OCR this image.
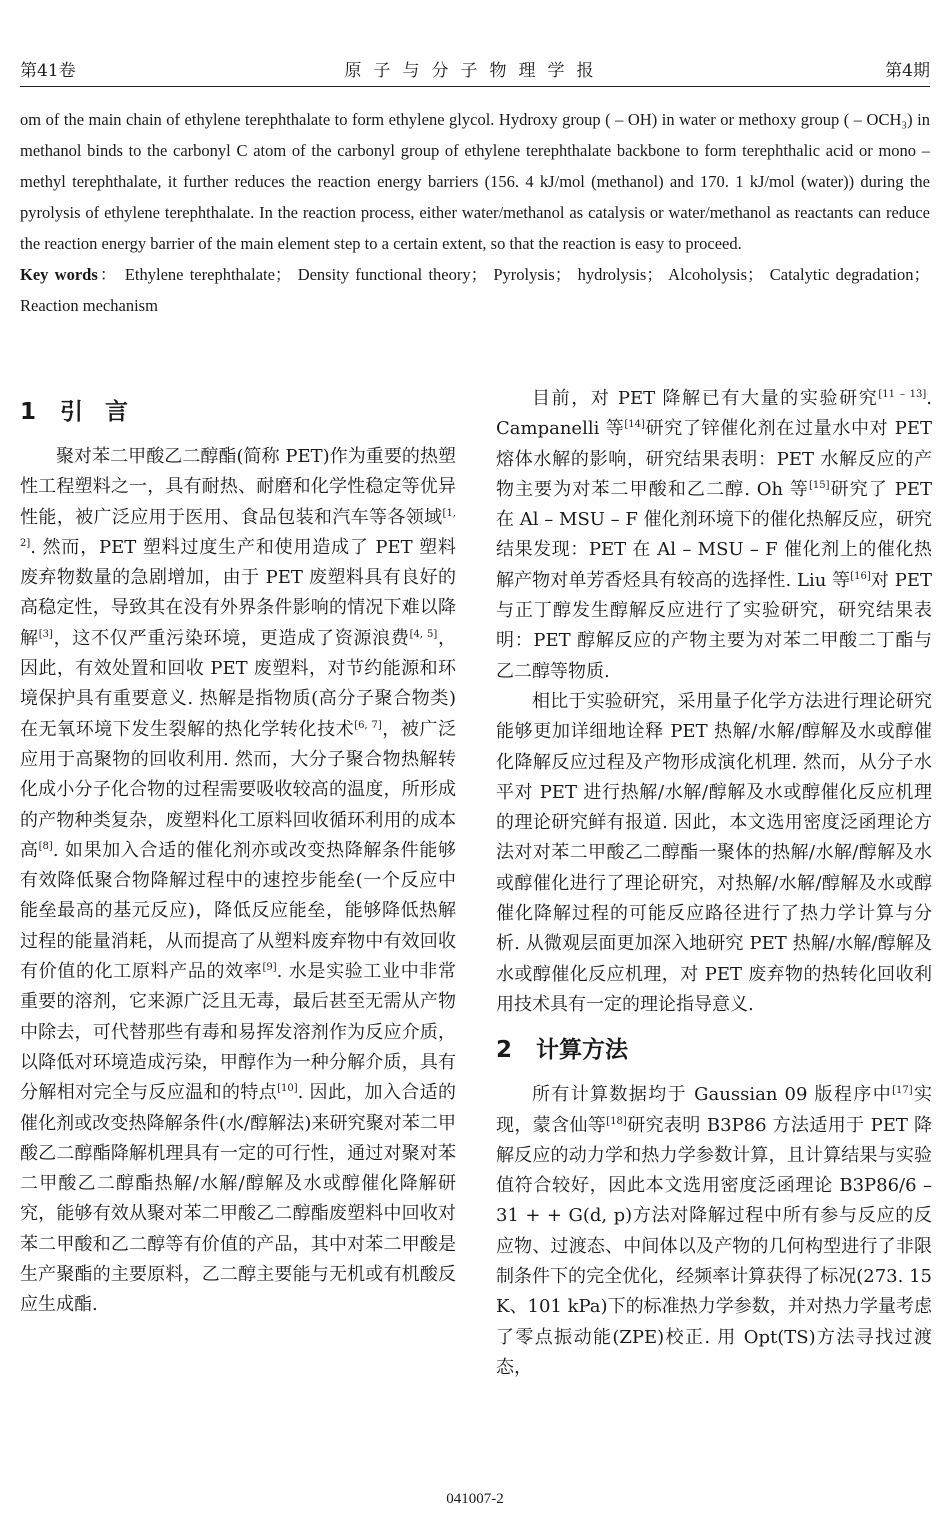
第41卷	原子与分子物理学报	第4期

om of the main chain of ethylene terephthalate to form ethylene glycol. Hydroxy group ( – OH) in water or methoxy group ( – OCH₃) in methanol binds to the carbonyl C atom of the carbonyl group of ethylene terephthalate backbone to form terephthalic acid or mono – methyl terephthalate, it further reduces the reaction energy barriers (156. 4 kJ/mol (methanol) and 170. 1 kJ/mol (water)) during the pyrolysis of ethylene terephthalate. In the reaction process, either water/methanol as catalysis or water/methanol as reactants can reduce the reaction energy barrier of the main element step to a certain extent, so that the reaction is easy to proceed.

Key words： Ethylene terephthalate； Density functional theory； Pyrolysis； hydrolysis； Alcoholysis； Catalytic degradation； Reaction mechanism

1 引言

聚对苯二甲酸乙二醇酯(简称 PET)作为重要的热塑性工程塑料之一，具有耐热、耐磨和化学性稳定等优异性能，被广泛应用于医用、食品包装和汽车等各领域[1, 2]. 然而，PET 塑料过度生产和使用造成了 PET 塑料废弃物数量的急剧增加，由于 PET 废塑料具有良好的高稳定性，导致其在没有外界条件影响的情况下难以降解[3]，这不仅严重污染环境，更造成了资源浪费[4, 5]，因此，有效处置和回收 PET 废塑料，对节约能源和环境保护具有重要意义. 热解是指物质(高分子聚合物类)在无氧环境下发生裂解的热化学转化技术[6, 7]，被广泛应用于高聚物的回收利用. 然而，大分子聚合物热解转化成小分子化合物的过程需要吸收较高的温度，所形成的产物种类复杂，废塑料化工原料回收循环利用的成本高[8]. 如果加入合适的催化剂亦或改变热降解条件能够有效降低聚合物降解过程中的速控步能垒(一个反应中能垒最高的基元反应)，降低反应能垒，能够降低热解过程的能量消耗，从而提高了从塑料废弃物中有效回收有价值的化工原料产品的效率[9]. 水是实验工业中非常重要的溶剂，它来源广泛且无毒，最后甚至无需从产物中除去，可代替那些有毒和易挥发溶剂作为反应介质，以降低对环境造成污染，甲醇作为一种分解介质，具有分解相对完全与反应温和的特点[10]. 因此，加入合适的催化剂或改变热降解条件(水/醇解法)来研究聚对苯二甲酸乙二醇酯降解机理具有一定的可行性，通过对聚对苯二甲酸乙二醇酯热解/水解/醇解及水或醇催化降解研究，能够有效从聚对苯二甲酸乙二醇酯废塑料中回收对苯二甲酸和乙二醇等有价值的产品，其中对苯二甲酸是生产聚酯的主要原料，乙二醇主要能与无机或有机酸反应生成酯.

目前，对 PET 降解已有大量的实验研究[11 – 13]. Campanelli 等[14]研究了锌催化剂在过量水中对 PET 熔体水解的影响，研究结果表明：PET 水解反应的产物主要为对苯二甲酸和乙二醇. Oh 等[15]研究了 PET 在 Al – MSU – F 催化剂环境下的催化热解反应，研究结果发现：PET 在 Al – MSU – F 催化剂上的催化热解产物对单芳香烃具有较高的选择性. Liu 等[16]对 PET 与正丁醇发生醇解反应进行了实验研究，研究结果表明：PET 醇解反应的产物主要为对苯二甲酸二丁酯与乙二醇等物质.

相比于实验研究，采用量子化学方法进行理论研究能够更加详细地诠释 PET 热解/水解/醇解及水或醇催化降解反应过程及产物形成演化机理. 然而，从分子水平对 PET 进行热解/水解/醇解及水或醇催化反应机理的理论研究鲜有报道. 因此，本文选用密度泛函理论方法对对苯二甲酸乙二醇酯一聚体的热解/水解/醇解及水或醇催化进行了理论研究，对热解/水解/醇解及水或醇催化降解过程的可能反应路径进行了热力学计算与分析. 从微观层面更加深入地研究 PET 热解/水解/醇解及水或醇催化反应机理，对 PET 废弃物的热转化回收利用技术具有一定的理论指导意义.

2 计算方法

所有计算数据均于 Gaussian 09 版程序中[17]实现，蒙含仙等[18]研究表明 B3P86 方法适用于 PET 降解反应的动力学和热力学参数计算，且计算结果与实验值符合较好，因此本文选用密度泛函理论 B3P86/6 – 31 + + G(d, p)方法对降解过程中所有参与反应的反应物、过渡态、中间体以及产物的几何构型进行了非限制条件下的完全优化，经频率计算获得了标况(273. 15 K、101 kPa)下的标准热力学参数，并对热力学量考虑了零点振动能(ZPE)校正. 用 Opt(TS)方法寻找过渡态，

041007-2
